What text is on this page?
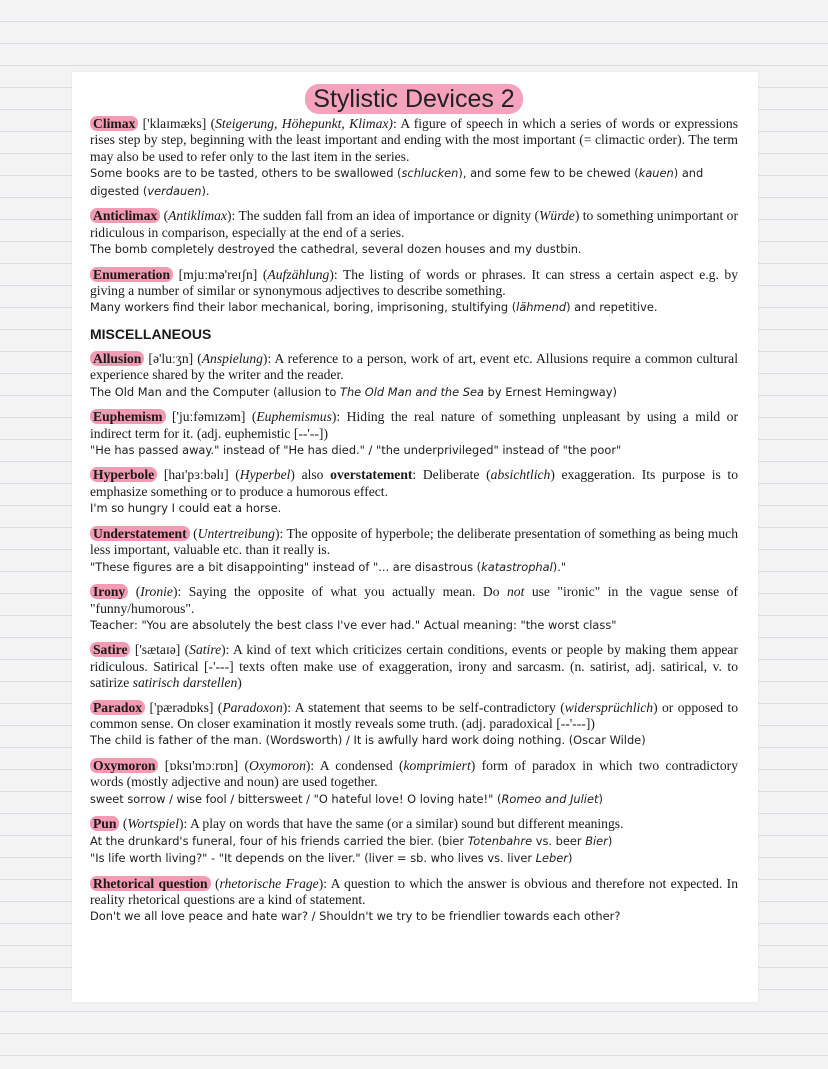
Stylistic Devices 2
Climax ['klaɪmæks] (Steigerung, Höhepunkt, Klimax): A figure of speech in which a series of words or expressions rises step by step, beginning with the least important and ending with the most important (= climactic order). The term may also be used to refer only to the last item in the series.
Some books are to be tasted, others to be swallowed (schlucken), and some few to be chewed (kauen) and digested (verdauen).
Anticlimax (Antiklimax): The sudden fall from an idea of importance or dignity (Würde) to something unimportant or ridiculous in comparison, especially at the end of a series.
The bomb completely destroyed the cathedral, several dozen houses and my dustbin.
Enumeration [mjuːmə'reɪʃn] (Aufzählung): The listing of words or phrases. It can stress a certain aspect e.g. by giving a number of similar or synonymous adjectives to describe something.
Many workers find their labor mechanical, boring, imprisoning, stultifying (lähmend) and repetitive.
MISCELLANEOUS
Allusion [ə'luːʒn] (Anspielung): A reference to a person, work of art, event etc. Allusions require a common cultural experience shared by the writer and the reader.
The Old Man and the Computer (allusion to The Old Man and the Sea by Ernest Hemingway)
Euphemism ['juːfəmɪzəm] (Euphemismus): Hiding the real nature of something unpleasant by using a mild or indirect term for it. (adj. euphemistic [--'--])
"He has passed away." instead of "He has died." / "the underprivileged" instead of "the poor"
Hyperbole [haɪ'pɜːbəlɪ] (Hyperbel) also overstatement: Deliberate (absichtlich) exaggeration. Its purpose is to emphasize something or to produce a humorous effect.
I'm so hungry I could eat a horse.
Understatement (Untertreibung): The opposite of hyperbole; the deliberate presentation of something as being much less important, valuable etc. than it really is.
"These figures are a bit disappointing" instead of "... are disastrous (katastrophal)."
Irony (Ironie): Saying the opposite of what you actually mean. Do not use "ironic" in the vague sense of "funny/humorous".
Teacher: "You are absolutely the best class I've ever had." Actual meaning: "the worst class"
Satire ['sætaɪə] (Satire): A kind of text which criticizes certain conditions, events or people by making them appear ridiculous. Satirical [-'---] texts often make use of exaggeration, irony and sarcasm. (n. satirist, adj. satirical, v. to satirize satirisch darstellen)
Paradox ['pærədɒks] (Paradoxon): A statement that seems to be self-contradictory (widersprüchlich) or opposed to common sense. On closer examination it mostly reveals some truth. (adj. paradoxical [--'---])
The child is father of the man. (Wordsworth) / It is awfully hard work doing nothing. (Oscar Wilde)
Oxymoron [ɒksɪ'mɔːrɒn] (Oxymoron): A condensed (komprimiert) form of paradox in which two contradictory words (mostly adjective and noun) are used together.
sweet sorrow / wise fool / bittersweet / "O hateful love! O loving hate!" (Romeo and Juliet)
Pun (Wortspiel): A play on words that have the same (or a similar) sound but different meanings.
At the drunkard's funeral, four of his friends carried the bier. (bier Totenbahre vs. beer Bier)
"Is life worth living?" - "It depends on the liver." (liver = sb. who lives vs. liver Leber)
Rhetorical question (rhetorische Frage): A question to which the answer is obvious and therefore not expected. In reality rhetorical questions are a kind of statement.
Don't we all love peace and hate war? / Shouldn't we try to be friendlier towards each other?
